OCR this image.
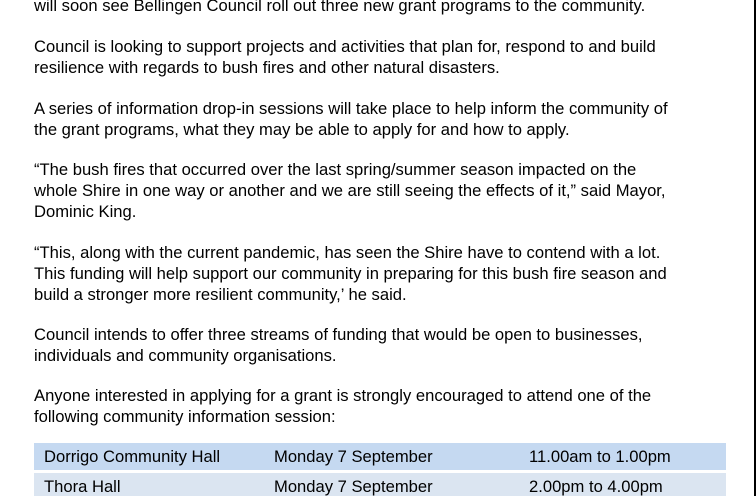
will soon see Bellingen Council roll out three new grant programs to the community.

Council is looking to support projects and activities that plan for, respond to and build
resilience with regards to bush fires and other natural disasters.

A series of information drop-in sessions will take place to help inform the community of
the grant programs, what they may be able to apply for and how to apply.

“The bush fires that occurred over the last spring/summer season impacted on the
whole Shire in one way or another and we are still seeing the effects of it,” said Mayor,
Dominic King.

“This, along with the current pandemic, has seen the Shire have to contend with a lot.
This funding will help support our community in preparing for this bush fire season and
build a stronger more resilient community,’ he said.

Council intends to offer three streams of funding that would be open to businesses,
individuals and community organisations.

Anyone interested in applying for a grant is strongly encouraged to attend one of the
following community information session:

Dorrigo Community Hall	Monday 7 September	11.00am to 1.00pm
Thora Hall	Monday 7 September	2.00pm to 4.00pm
